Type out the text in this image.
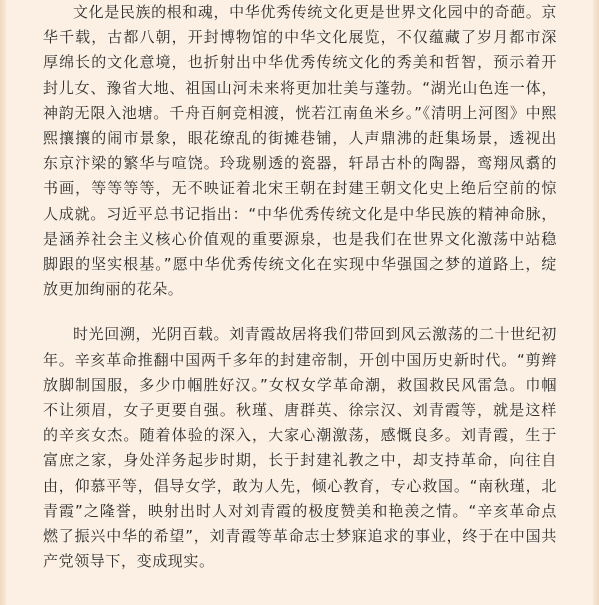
文化是民族的根和魂，中华优秀传统文化更是世界文化园中的奇葩。京华千载，古都八朝，开封博物馆的中华文化展览，不仅蕴藏了岁月都市深厚绵长的文化意境，也折射出中华优秀传统文化的秀美和哲智，预示着开封儿女、豫省大地、祖国山河未来将更加壮美与蓬勃。“湖光山色连一体，神韵无限入池塘。千舟百舸竞相渡，恍若江南鱼米乡。”《清明上河图》中熙熙攘攘的闹市景象，眼花缭乱的街摊巷铺，人声鼎沸的赶集场景，透视出东京汴梁的繁华与喧饶。玲珑剔透的瓷器，轩昂古朴的陶器，鸾翔凤翥的书画，等等等等，无不映证着北宋王朝在封建王朝文化史上绝后空前的惊人成就。习近平总书记指出：“中华优秀传统文化是中华民族的精神命脉，是涵养社会主义核心价值观的重要源泉，也是我们在世界文化激荡中站稳脚跟的坚实根基。”愿中华优秀传统文化在实现中华强国之梦的道路上，绽放更加绚丽的花朵。

时光回溯，光阴百载。刘青霞故居将我们带回到风云激荡的二十世纪初年。辛亥革命推翻中国两千多年的封建帝制，开创中国历史新时代。“剪辫放脚制国服，多少巾帼胜好汉。”女权女学革命潮，救国救民风雷急。巾帼不让须眉，女子更要自强。秋瑾、唐群英、徐宗汉、刘青霞等，就是这样的辛亥女杰。随着体验的深入，大家心潮激荡，感慨良多。刘青霞，生于富庶之家，身处洋务起步时期，长于封建礼教之中，却支持革命，向往自由，仰慕平等，倡导女学，敢为人先，倾心教育，专心救国。“南秋瑾，北青霞”之隆誉，映射出时人对刘青霞的极度赞美和艳羡之情。“辛亥革命点燃了振兴中华的希望”，刘青霞等革命志士梦寐追求的事业，终于在中国共产党领导下，变成现实。
